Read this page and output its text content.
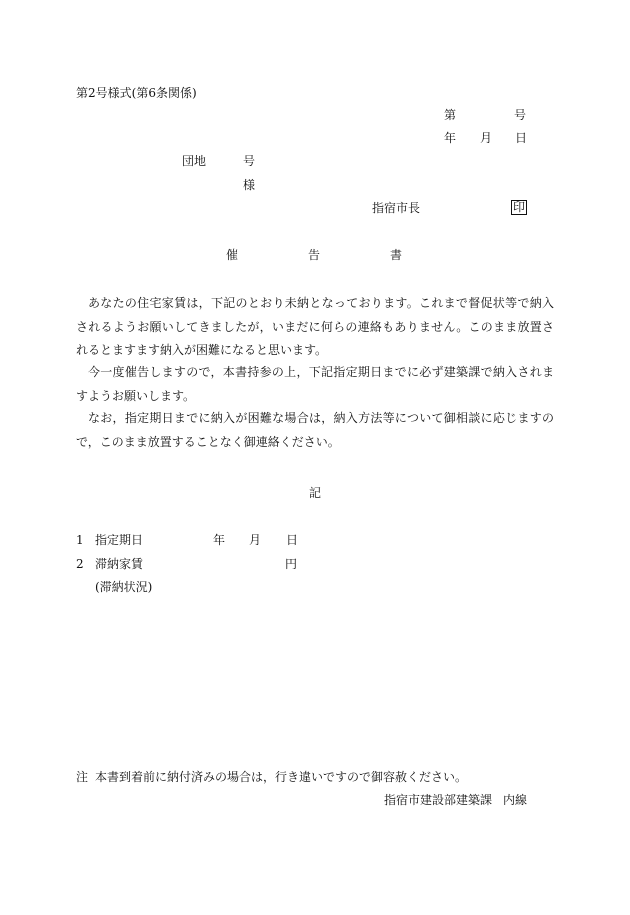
第2号様式(第6条関係)
第	号
年 月 日
団地	号
様
指宿市長	印
催	告	書

あなたの住宅家賃は，下記のとおり未納となっております。これまで督促状等で納入されるようお願いしてきましたが，いまだに何らの連絡もありません。このまま放置されるとますます納入が困難になると思います。

今一度催告しますので，本書持参の上，下記指定期日までに必ず建築課で納入されますようお願いします。

なお，指定期日までに納入が困難な場合は，納入方法等について御相談に応じますので，このまま放置することなく御連絡ください。

記
1 指定期日	年 月 日
2 滞納家賃	円
(滞納状況)
注 本書到着前に納付済みの場合は，行き違いですので御容赦ください。
指宿市建設部建築課 内線
